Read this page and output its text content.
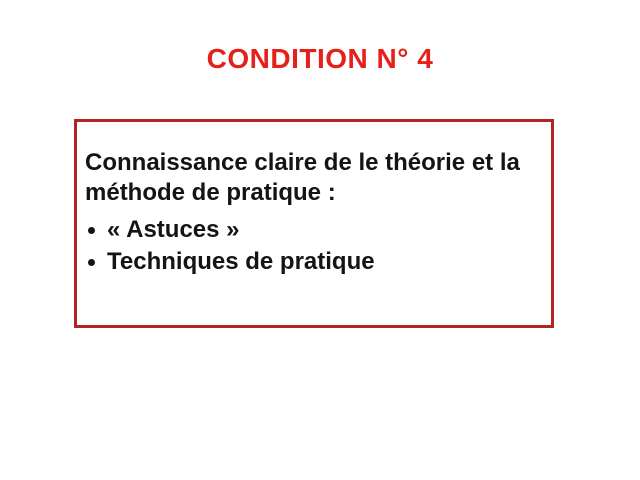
CONDITION N° 4

Connaissance claire de le théorie et la méthode de pratique :

« Astuces »
Techniques de pratique
